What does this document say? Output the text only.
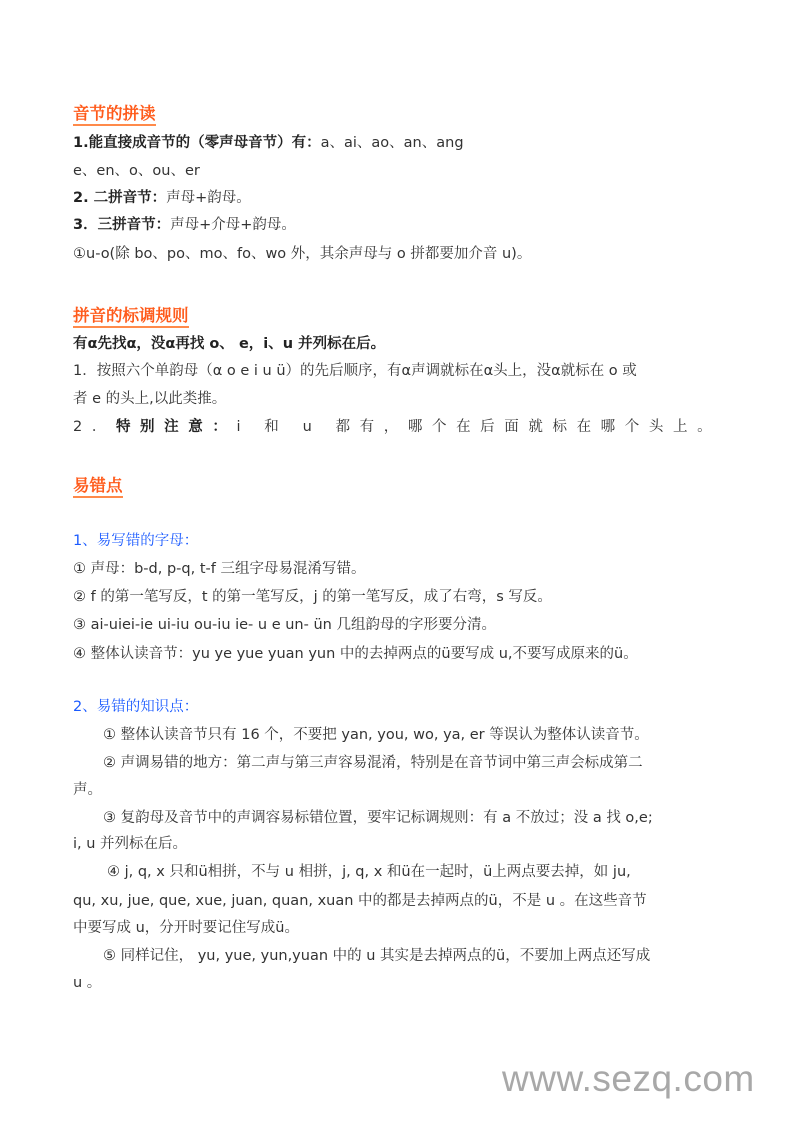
音节的拼读
1.能直接成音节的（零声母音节）有：a、ai、ao、an、ang
e、en、o、ou、er
2. 二拼音节：声母+韵母。
3．三拼音节：声母+介母+韵母。
①u-o(除 bo、po、mo、fo、wo 外，其余声母与 o 拼都要加介音 u)。
拼音的标调规则
有α先找α，没α再找 o、 e，i、u 并列标在后。
1．按照六个单韵母（α o e i u ü）的先后顺序，有α声调就标在α头上，没α就标在 o 或
者 e 的头上,以此类推。
2．特别注意：i 和 u 都有，哪个在后面就标在哪个头上。
易错点
1、易写错的字母：
① 声母：b-d, p-q, t-f 三组字母易混淆写错。
② f 的第一笔写反，t 的第一笔写反，j 的第一笔写反，成了右弯，s 写反。
③ ai-uiei-ie ui-iu ou-iu ie- u e un- ün 几组韵母的字形要分清。
④ 整体认读音节：yu ye yue yuan yun 中的去掉两点的ü要写成 u,不要写成原来的ü。
2、易错的知识点：
① 整体认读音节只有 16 个，不要把 yan, you, wo, ya, er 等误认为整体认读音节。
② 声调易错的地方：第二声与第三声容易混淆，特别是在音节词中第三声会标成第二
声。
③ 复韵母及音节中的声调容易标错位置，要牢记标调规则：有 a 不放过；没 a 找 o,e;
i, u 并列标在后。
④ j, q, x 只和ü相拼，不与 u 相拼，j, q, x 和ü在一起时，ü上两点要去掉，如 ju,
qu, xu, jue, que, xue, juan, quan, xuan 中的都是去掉两点的ü，不是 u 。在这些音节
中要写成 u，分开时要记住写成ü。
⑤ 同样记住， yu, yue, yun,yuan 中的 u 其实是去掉两点的ü，不要加上两点还写成
u 。
www.sezq.com
